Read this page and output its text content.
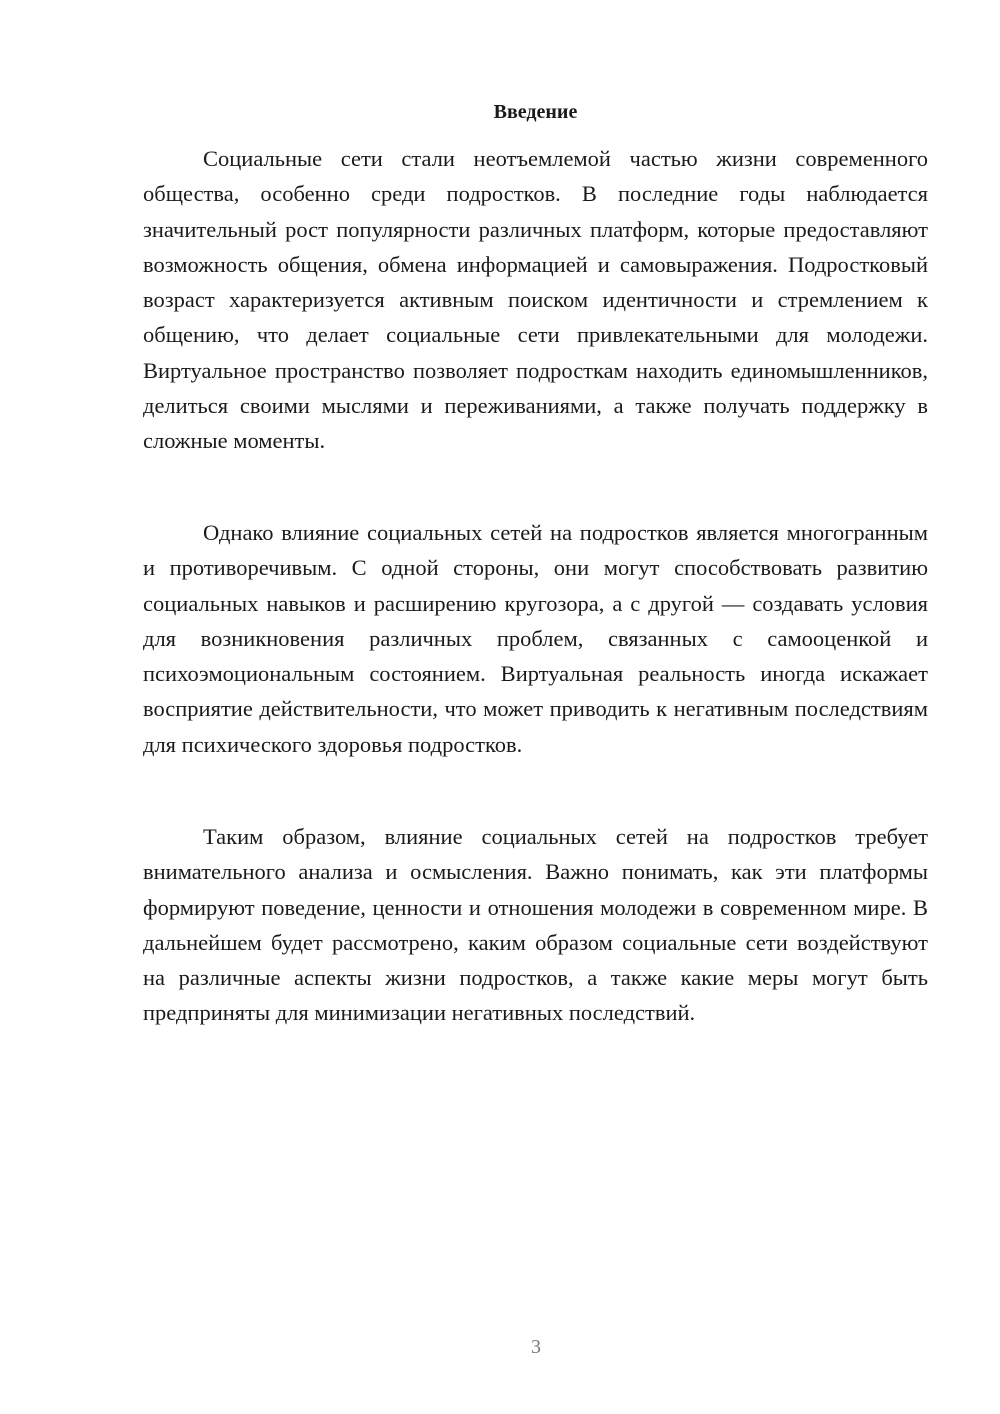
Введение

Социальные сети стали неотъемлемой частью жизни современного общества, особенно среди подростков. В последние годы наблюдается значительный рост популярности различных платформ, которые предоставляют возможность общения, обмена информацией и самовыражения. Подростковый возраст характеризуется активным поиском идентичности и стремлением к общению, что делает социальные сети привлекательными для молодежи. Виртуальное пространство позволяет подросткам находить единомышленников, делиться своими мыслями и переживаниями, а также получать поддержку в сложные моменты.

Однако влияние социальных сетей на подростков является многогранным и противоречивым. С одной стороны, они могут способствовать развитию социальных навыков и расширению кругозора, а с другой — создавать условия для возникновения различных проблем, связанных с самооценкой и психоэмоциональным состоянием. Виртуальная реальность иногда искажает восприятие действительности, что может приводить к негативным последствиям для психического здоровья подростков.

Таким образом, влияние социальных сетей на подростков требует внимательного анализа и осмысления. Важно понимать, как эти платформы формируют поведение, ценности и отношения молодежи в современном мире. В дальнейшем будет рассмотрено, каким образом социальные сети воздействуют на различные аспекты жизни подростков, а также какие меры могут быть предприняты для минимизации негативных последствий.

3
